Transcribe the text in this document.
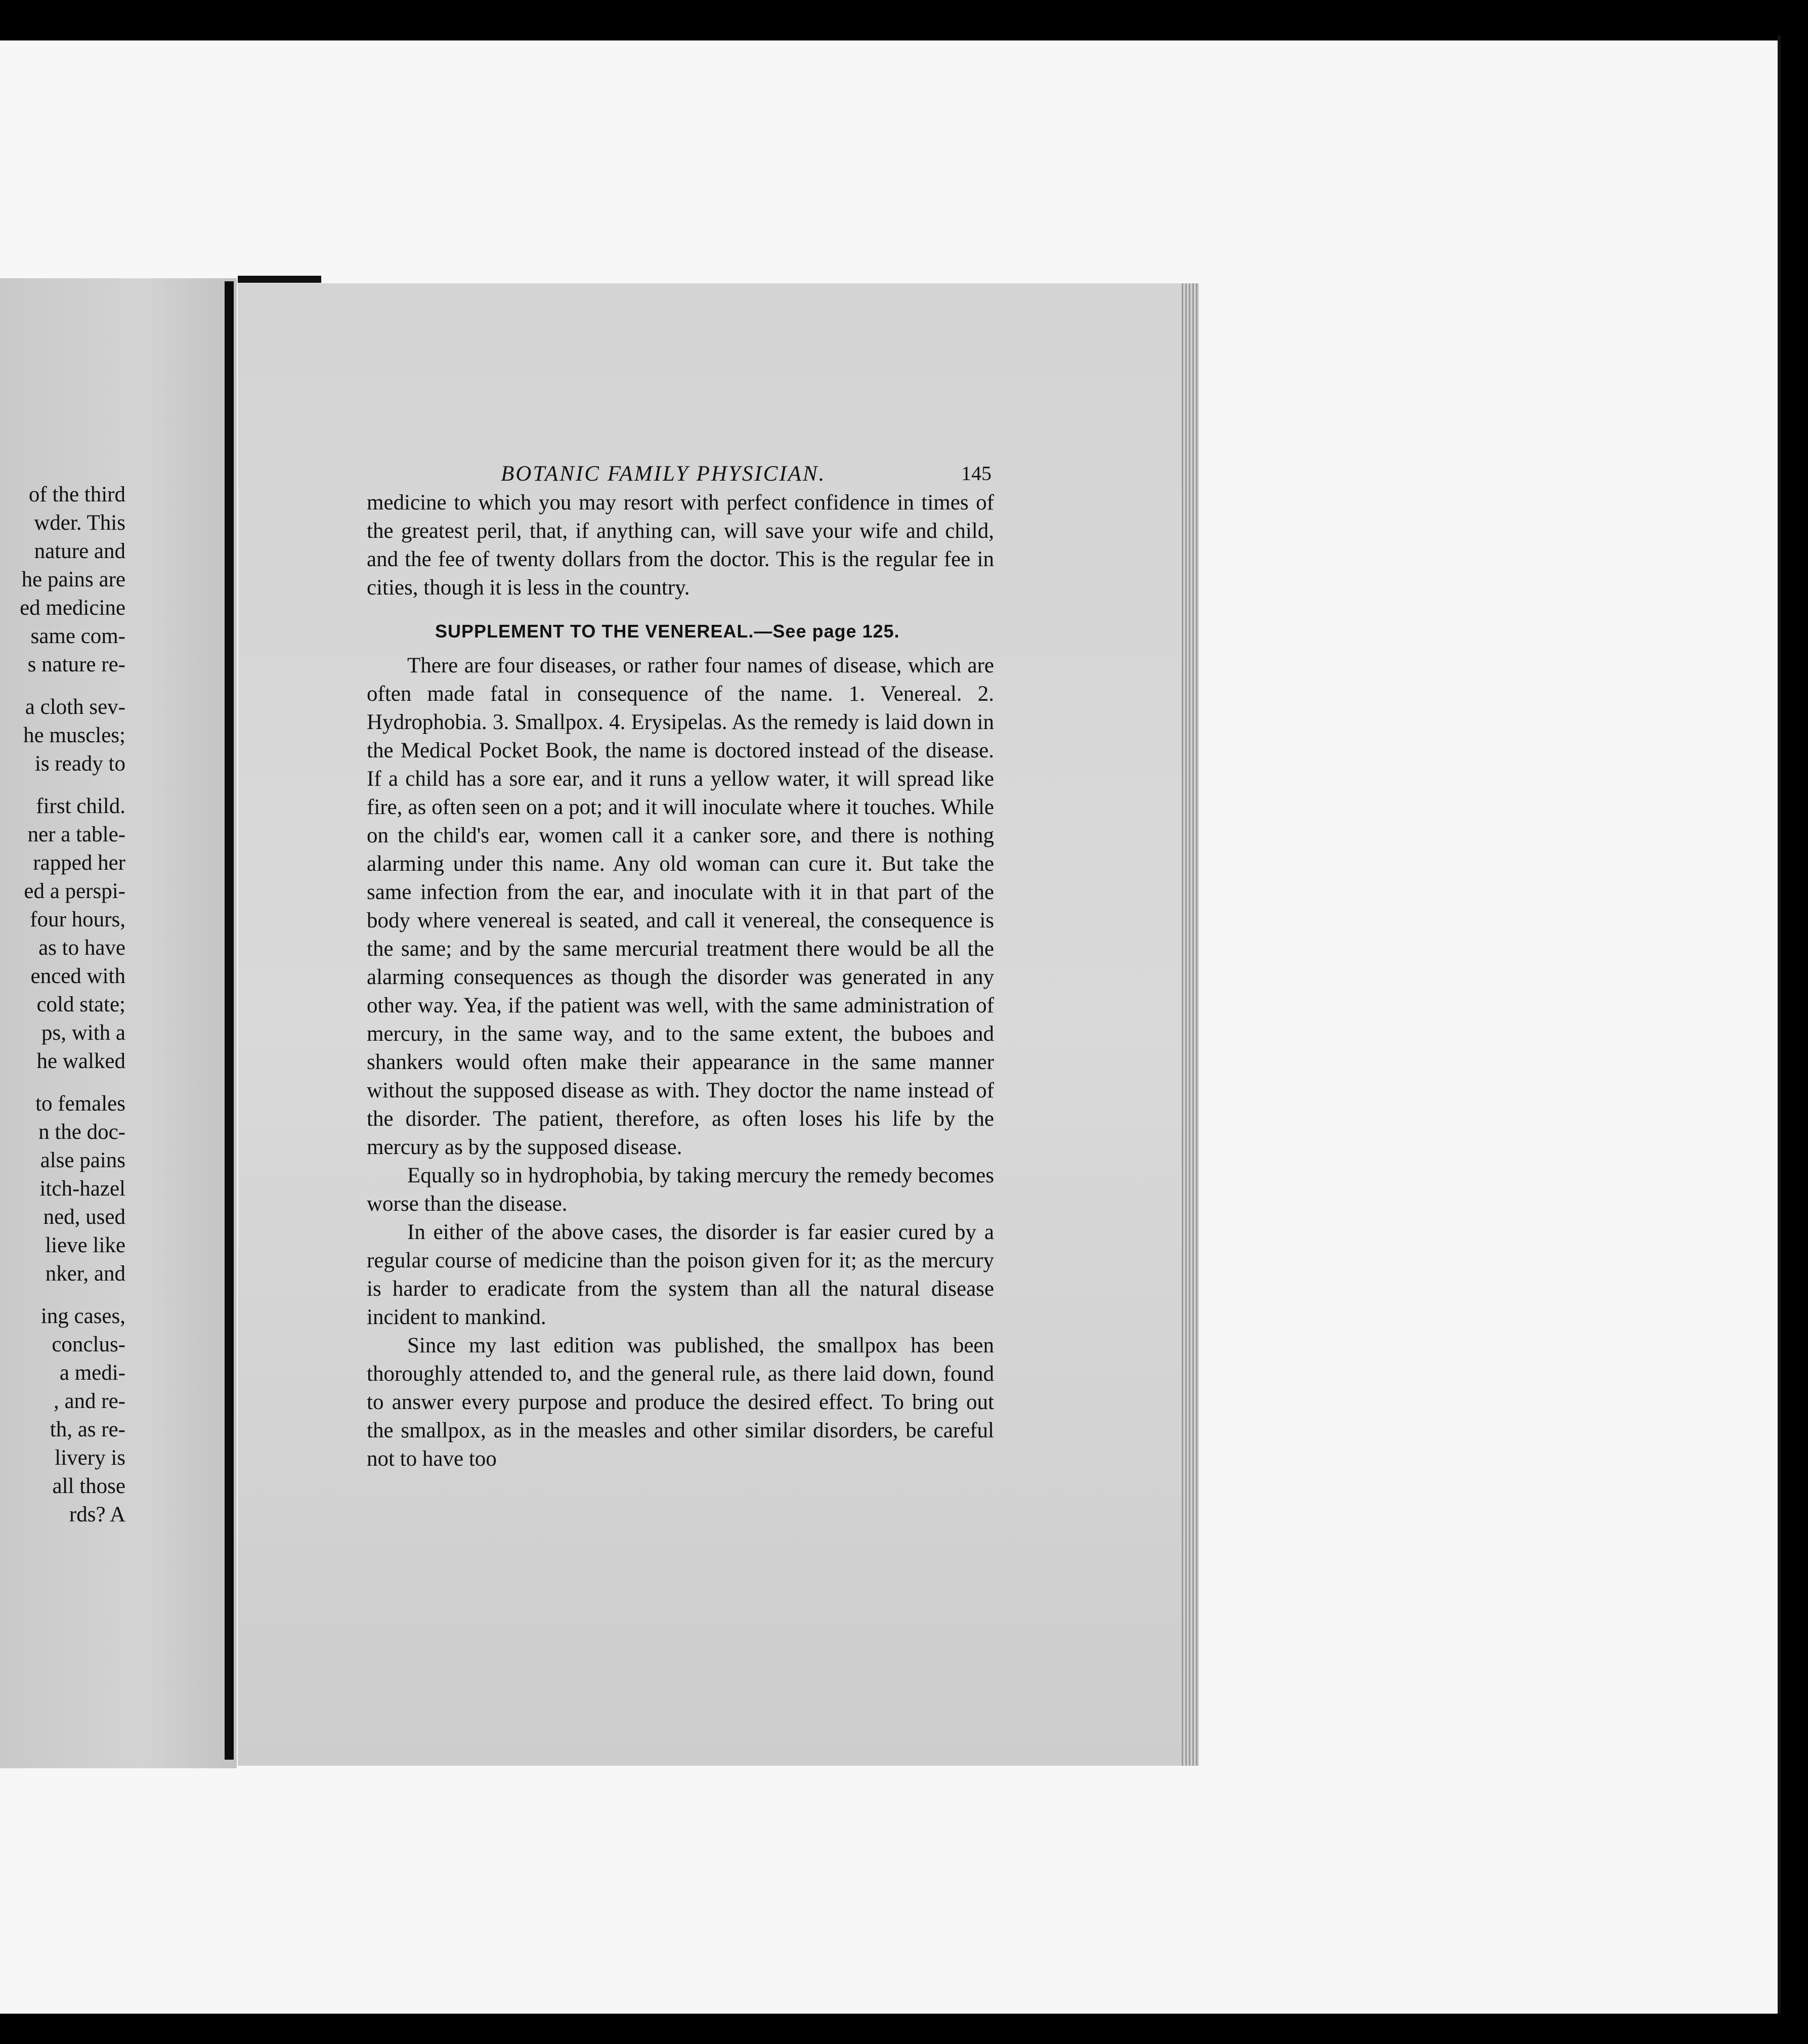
of the third
wder. This
nature and
he pains are
ed medicine
same com-
s nature re-
a cloth sev-
he muscles;
is ready to
first child.
ner a table-
rapped her
ed a perspi-
four hours,
as to have
enced with
cold state;
ps, with a
he walked
to females
n the doc-
alse pains
itch-hazel
ned, used
lieve like
nker, and
ing cases,
conclus-
a medi-
, and re-
th, as re-
livery is
all those
rds? A
BOTANIC FAMILY PHYSICIAN.	145

medicine to which you may resort with perfect confidence in times of the greatest peril, that, if anything can, will save your wife and child, and the fee of twenty dollars from the doctor. This is the regular fee in cities, though it is less in the country.

SUPPLEMENT TO THE VENEREAL.—See page 125.

There are four diseases, or rather four names of disease, which are often made fatal in consequence of the name. 1. Venereal. 2. Hydrophobia. 3. Smallpox. 4. Erysipelas. As the remedy is laid down in the Medical Pocket Book, the name is doctored instead of the disease. If a child has a sore ear, and it runs a yellow water, it will spread like fire, as often seen on a pot; and it will inoculate where it touches. While on the child's ear, women call it a canker sore, and there is nothing alarming under this name. Any old woman can cure it. But take the same infection from the ear, and inoculate with it in that part of the body where venereal is seated, and call it venereal, the consequence is the same; and by the same mercurial treatment there would be all the alarming consequences as though the disorder was generated in any other way. Yea, if the patient was well, with the same administration of mercury, in the same way, and to the same extent, the buboes and shankers would often make their appearance in the same manner without the supposed disease as with. They doctor the name instead of the disorder. The patient, therefore, as often loses his life by the mercury as by the supposed disease.

Equally so in hydrophobia, by taking mercury the remedy becomes worse than the disease.

In either of the above cases, the disorder is far easier cured by a regular course of medicine than the poison given for it; as the mercury is harder to eradicate from the system than all the natural disease incident to mankind.

Since my last edition was published, the smallpox has been thoroughly attended to, and the general rule, as there laid down, found to answer every purpose and produce the desired effect. To bring out the smallpox, as in the measles and other similar disorders, be careful not to have too
